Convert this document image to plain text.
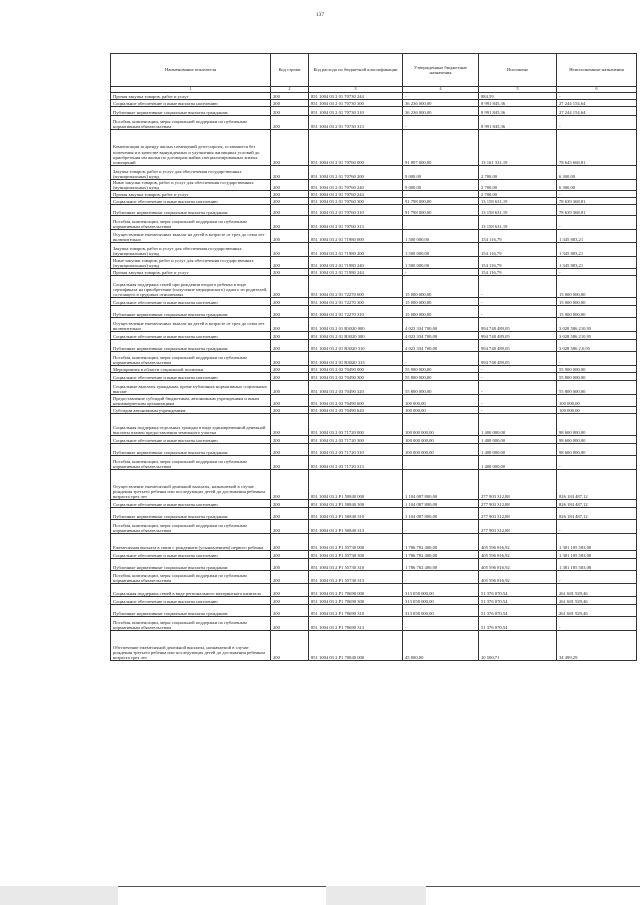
137
Наименование показателя	Код строки	Код расхода по бюджетной классификации	Утвержденные бюджетные назначения	Исполнено	Неисполненные назначения
1	2	3	4	5	6
Прочая закупка товаров, работ и услуг	200	851 1004 03 2 01 70730 244	-	884,59	-
Социальное обеспечение и иные выплаты населению	200	851 1004 03 2 01 70730 300	36 236 000,00	8 991 845,36	27 244 154,64
Публичные нормативные социальные выплаты гражданам	200	851 1004 03 2 01 70730 310	36 236 000,00	8 991 845,36	27 244 154,64
Пособия, компенсации, меры социальной поддержки по публичным нормативным обязательствам	200	851 1004 03 2 01 70730 313	-	8 991 845,36	-
Компенсация за аренду жилых помещений дети-сироты, оставшиеся без попечения и в качестве вынужденных и улучшения жилищных условий до приобретения им жилья по договорам найма специализированных жилых помещений	200	851 1004 03 2 01 70760 000	91 807 000,00	13 161 331,19	78 645 668,81
Закупка товаров, работ и услуг для обеспечения государственных (муниципальных) нужд	200	851 1004 03 2 01 70760 200	9 000,00	2 700,00	6 300,00
Иные закупки товаров, работ и услуг для обеспечения государственных (муниципальных) нужд	200	851 1004 03 2 01 70760 240	9 000,00	2 700,00	6 300,00
Прочая закупка товаров, работ и услуг	200	851 1004 03 2 01 70760 244	-	2 700,00	-
Социальное обеспечение и иные выплаты населению	200	851 1004 03 2 01 70760 300	91 798 000,00	13 158 631,19	78 639 368,81
Публичные нормативные социальные выплаты гражданам	200	851 1004 03 2 01 70760 310	91 798 000,00	13 158 631,19	78 639 368,81
Пособия, компенсации, меры социальной поддержки по публичным нормативным обязательствам	200	851 1004 03 2 01 70760 313	-	13 158 631,19	-
Осуществление ежемесячных выплат на детей в возрасте от трех до семи лет включительно	200	851 1004 03 2 01 71980 000	1 500 000,00	154 116,79	1 345 883,21
Закупка товаров, работ и услуг для обеспечения государственных (муниципальных) нужд	200	851 1004 03 2 01 71980 200	1 500 000,00	154 116,79	1 345 883,21
Иные закупки товаров, работ и услуг для обеспечения государственных (муниципальных) нужд	200	851 1004 03 2 01 71980 240	1 500 000,00	154 116,79	1 345 883,21
Прочая закупка товаров, работ и услуг	200	851 1004 03 2 01 71980 244	-	154 116,79	-
Социальная поддержка семей при рождении второго ребенка в виде сертификата на приобретение (получение медицинского) одного из родителей, состоящего в трудовых отношениях	200	851 1004 03 2 01 72270 000	15 000 000,00	-	15 000 000,00
Социальное обеспечение и иные выплаты населению	200	851 1004 03 2 01 72270 300	15 000 000,00	-	15 000 000,00
Публичные нормативные социальные выплаты гражданам	200	851 1004 03 2 01 72270 310	15 000 000,00	-	15 000 000,00
Осуществление ежемесячных выплат на детей в возрасте от трех до семи лет включительно	200	851 1004 03 2 01 R3020 000	4 023 334 700,00	994 748 489,05	3 028 586 210,95
Социальное обеспечение и иные выплаты населению	200	851 1004 03 2 01 R3020 300	4 023 334 700,00	994 748 489,05	3 028 586 210,95
Публичные нормативные социальные выплаты гражданам	200	851 1004 03 2 01 R3020 310	4 023 334 700,00	994 748 489,05	3 028 586 2,0,95
Пособия, компенсации, меры социальной поддержки по публичным нормативным обязательствам	200	851 1004 03 2 01 R3020 313	-	994 748 489,05	-
Мероприятия в области социальной политики	200	851 1004 03 2 03 70490 000	55 900 000,00	-	55 900 000,00
Социальное обеспечение и иные выплаты населению	200	851 1004 03 2 03 70490 300	55 800 000,00	-	55 800 000,00
Социальные выплаты гражданам, кроме публичных нормативных социальных выплат	200	851 1004 03 2 03 70490 320	55 800 000,00	-	55 800 000,00
Предоставление субсидий бюджетным, автономным учреждениям и иным некоммерческим организациям	200	851 1004 03 2 03 70490 600	100 000,00	-	100 000,00
Субсидии автономным учреждениям	200	851 1004 03 2 03 70490 620	100 000,00	-	100 000,00
Социальная поддержка отдельных граждан в виде единовременной денежной выплаты взамен предоставления земельного участка	200	851 1004 03 2 03 71720 000	100 000 000,00	1 400 000,00	98 600 000,00
Социальное обеспечение и иные выплаты населению	200	851 1004 03 2 03 71720 300	100 000 000,00	1 400 000,00	98 600 000,00
Публичные нормативные социальные выплаты гражданам	200	851 1004 03 2 03 71720 310	100 000 000,00	1 400 000,00	98 600 000,00
Пособия, компенсации, меры социальной поддержки по публичным нормативным обязательствам	200	851 1004 03 2 03 71720 313	-	1 400 000,00	-
Осуществление ежемесячной денежной выплаты, назначаемой в случае рождения третьего ребенка или последующих детей до достижения ребенком возраста трех лет	200	851 1004 03 2 P1 50840 000	1 104 087 800,00	277 903 312,88	826 184 487,12
Социальное обеспечение и иные выплаты населению	200	851 1004 03 2 P1 50840 300	1 104 087 800,00	277 903 312,88	826 184 487,12
Публичные нормативные социальные выплаты гражданам	200	851 1004 03 2 P1 50840 310	1 104 087 800,00	277 903 312,88	826 184 487,12
Пособия, компенсации, меры социальной поддержки по публичным нормативным обязательствам	200	851 1004 03 2 P1 50840 313	-	277 903 312,88	-
Ежемесячная выплата в связи с рождением (усыновлением) первого ребенка	200	851 1004 03 2 P1 55730 000	1 786 782 400,00	405 596 816,92	1 381 185 583,08
Социальное обеспечение и иные выплаты населению	200	851 1004 03 2 P1 55730 300	1 786 782 400,00	405 596 816,92	1 381 185 583,08
Публичные нормативные социальные выплаты гражданам	200	851 1004 03 2 P1 55730 310	1 786 782 400,00	405 596 816,92	1 381 185 583,08
Пособия, компенсации, меры социальной поддержки по публичным нормативным обязательствам	200	851 1004 03 2 P1 55730 313	-	405 596 816,92	-
Социальная поддержка семей в виде регионального материнского капитала	200	851 1004 03 2 P1 70690 000	313 058 000,00	51 376 070,54	261 681 929,46
Социальное обеспечение и иные выплаты населению	200	851 1004 03 2 P1 70690 300	313 058 000,00	51 376 070,54	261 681 929,46
Публичные нормативные социальные выплаты гражданам	200	851 1004 03 2 P1 70690 310	313 058 000,00	51 376 070,54	261 681 929,46
Пособия, компенсации, меры социальной поддержки по публичным нормативным обязательствам	200	851 1004 03 2 P1 70690 313	-	51 376 070,54	-
Обеспечение ежемесячной денежной выплаты, назначаемой в случае рождения третьего ребенка или последующих детей до достижения ребенком возраста трех лет	200	851 1004 03 2 P1 70840 000	45 000,00	10 500,71	34 499,29
